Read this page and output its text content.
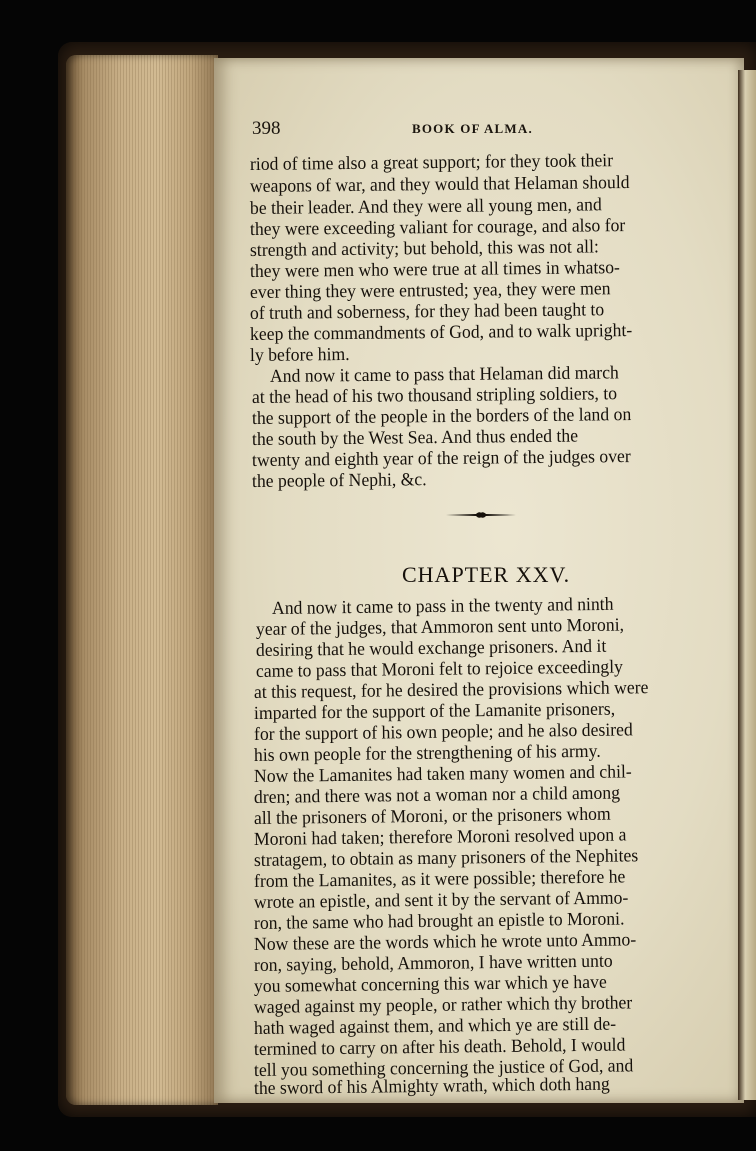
398	BOOK OF ALMA.
riod of time also a great support; for they took their
weapons of war, and they would that Helaman should
be their leader. And they were all young men, and
they were exceeding valiant for courage, and also for
strength and activity; but behold, this was not all:
they were men who were true at all times in whatso-
ever thing they were entrusted; yea, they were men
of truth and soberness, for they had been taught to
keep the commandments of God, and to walk upright-
ly before him.
And now it came to pass that Helaman did march
at the head of his two thousand stripling soldiers, to
the support of the people in the borders of the land on
the south by the West Sea. And thus ended the
twenty and eighth year of the reign of the judges over
the people of Nephi, &c.
CHAPTER XXV.
And now it came to pass in the twenty and ninth
year of the judges, that Ammoron sent unto Moroni,
desiring that he would exchange prisoners. And it
came to pass that Moroni felt to rejoice exceedingly
at this request, for he desired the provisions which were
imparted for the support of the Lamanite prisoners,
for the support of his own people; and he also desired
his own people for the strengthening of his army.
Now the Lamanites had taken many women and chil-
dren; and there was not a woman nor a child among
all the prisoners of Moroni, or the prisoners whom
Moroni had taken; therefore Moroni resolved upon a
stratagem, to obtain as many prisoners of the Nephites
from the Lamanites, as it were possible; therefore he
wrote an epistle, and sent it by the servant of Ammo-
ron, the same who had brought an epistle to Moroni.
Now these are the words which he wrote unto Ammo-
ron, saying, behold, Ammoron, I have written unto
you somewhat concerning this war which ye have
waged against my people, or rather which thy brother
hath waged against them, and which ye are still de-
termined to carry on after his death. Behold, I would
tell you something concerning the justice of God, and
the sword of his Almighty wrath, which doth hang
